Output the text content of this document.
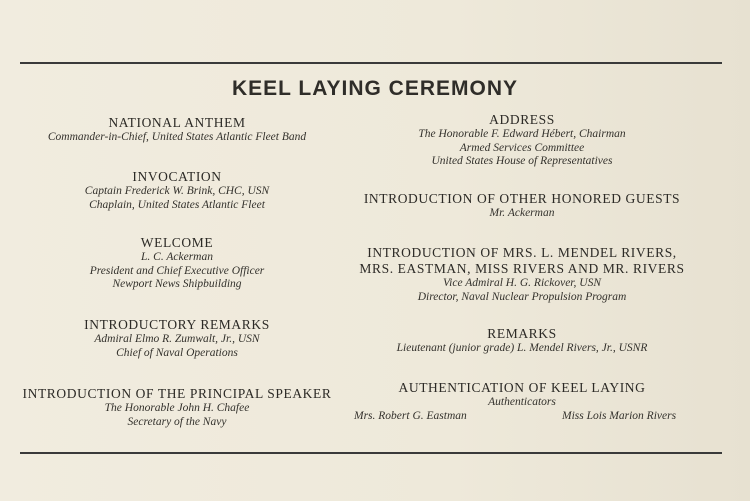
KEEL LAYING CEREMONY
NATIONAL ANTHEM
Commander-in-Chief, United States Atlantic Fleet Band
INVOCATION
Captain Frederick W. Brink, CHC, USN
Chaplain, United States Atlantic Fleet
WELCOME
L. C. Ackerman
President and Chief Executive Officer
Newport News Shipbuilding
INTRODUCTORY REMARKS
Admiral Elmo R. Zumwalt, Jr., USN
Chief of Naval Operations
INTRODUCTION OF THE PRINCIPAL SPEAKER
The Honorable John H. Chafee
Secretary of the Navy
ADDRESS
The Honorable F. Edward Hébert, Chairman
Armed Services Committee
United States House of Representatives
INTRODUCTION OF OTHER HONORED GUESTS
Mr. Ackerman
INTRODUCTION OF MRS. L. MENDEL RIVERS,
MRS. EASTMAN, MISS RIVERS AND MR. RIVERS
Vice Admiral H. G. Rickover, USN
Director, Naval Nuclear Propulsion Program
REMARKS
Lieutenant (junior grade) L. Mendel Rivers, Jr., USNR
AUTHENTICATION OF KEEL LAYING
Authenticators
Mrs. Robert G. Eastman	Miss Lois Marion Rivers
